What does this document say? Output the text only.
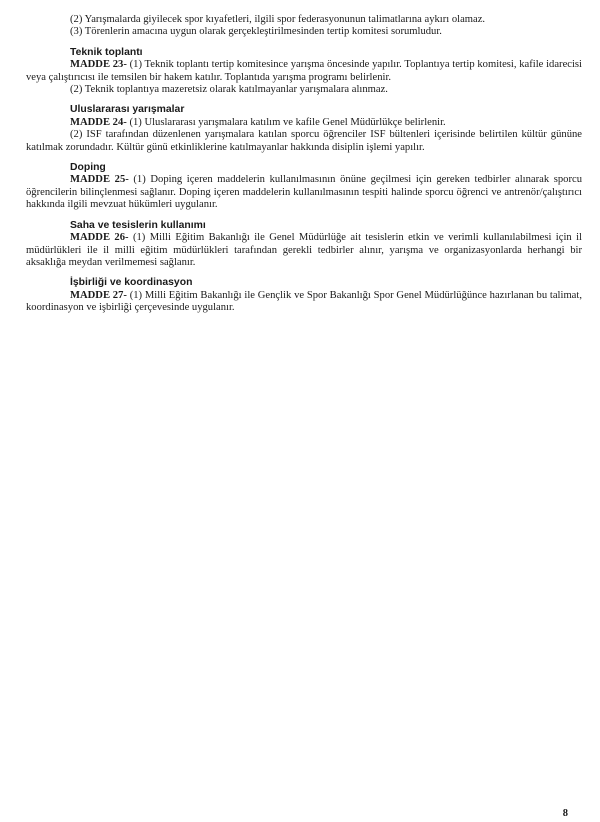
(2) Yarışmalarda giyilecek spor kıyafetleri, ilgili spor federasyonunun talimatlarına aykırı olamaz.

(3) Törenlerin amacına uygun olarak gerçekleştirilmesinden tertip komitesi sorumludur.

Teknik toplantı

MADDE 23- (1) Teknik toplantı tertip komitesince yarışma öncesinde yapılır. Toplantıya tertip komitesi, kafile idarecisi veya çalıştırıcısı ile temsilen bir hakem katılır. Toplantıda yarışma programı belirlenir.

(2) Teknik toplantıya mazeretsiz olarak katılmayanlar yarışmalara alınmaz.

Uluslararası yarışmalar

MADDE 24- (1) Uluslararası yarışmalara katılım ve kafile Genel Müdürlükçe belirlenir.

(2) ISF tarafından düzenlenen yarışmalara katılan sporcu öğrenciler ISF bültenleri içerisinde belirtilen kültür gününe katılmak zorundadır. Kültür günü etkinliklerine katılmayanlar hakkında disiplin işlemi yapılır.

Doping

MADDE 25- (1) Doping içeren maddelerin kullanılmasının önüne geçilmesi için gereken tedbirler alınarak sporcu öğrencilerin bilinçlenmesi sağlanır. Doping içeren maddelerin kullanılmasının tespiti halinde sporcu öğrenci ve antrenör/çalıştırıcı hakkında ilgili mevzuat hükümleri uygulanır.

Saha ve tesislerin kullanımı

MADDE 26- (1) Milli Eğitim Bakanlığı ile Genel Müdürlüğe ait tesislerin etkin ve verimli kullanılabilmesi için il müdürlükleri ile il milli eğitim müdürlükleri tarafından gerekli tedbirler alınır, yarışma ve organizasyonlarda herhangi bir aksaklığa meydan verilmemesi sağlanır.

İşbirliği ve koordinasyon

MADDE 27- (1) Milli Eğitim Bakanlığı ile Gençlik ve Spor Bakanlığı Spor Genel Müdürlüğünce hazırlanan bu talimat, koordinasyon ve işbirliği çerçevesinde uygulanır.

8
